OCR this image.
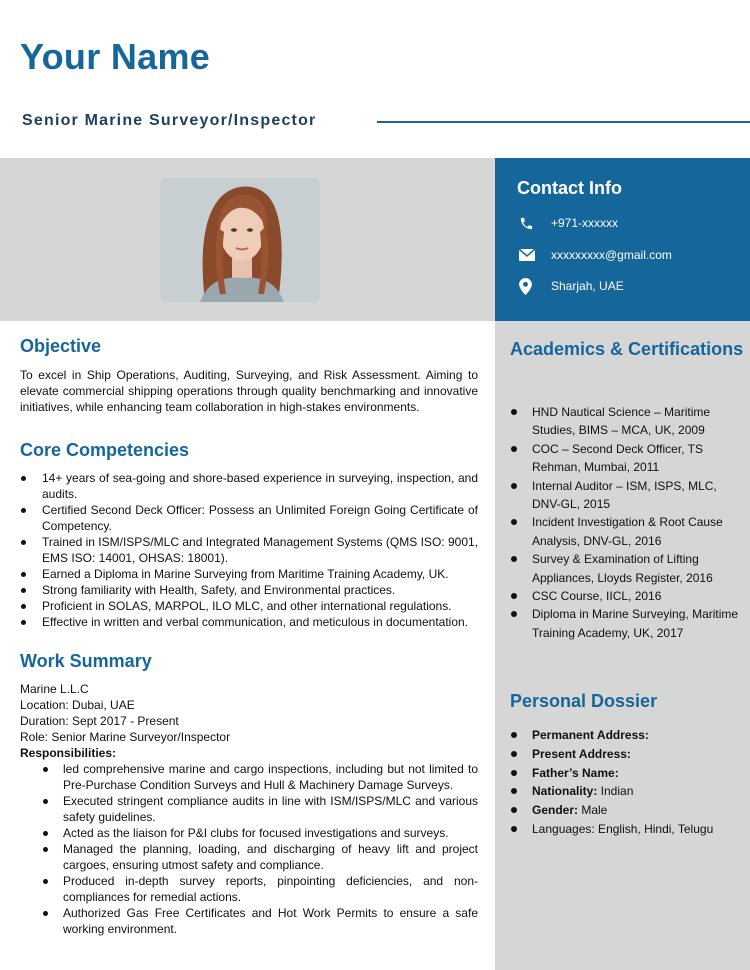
Your Name
Senior Marine Surveyor/Inspector
Contact Info
+971-xxxxxx
xxxxxxxxx@gmail.com
Sharjah, UAE
Academics & Certifications
HND Nautical Science – Maritime Studies, BIMS – MCA, UK, 2009
COC – Second Deck Officer, TS Rehman, Mumbai, 2011
Internal Auditor – ISM, ISPS, MLC, DNV-GL, 2015
Incident Investigation & Root Cause Analysis, DNV-GL, 2016
Survey & Examination of Lifting Appliances, Lloyds Register, 2016
CSC Course, IICL, 2016
Diploma in Marine Surveying, Maritime Training Academy, UK, 2017
Personal Dossier
Permanent Address:
Present Address:
Father’s Name:
Nationality: Indian
Gender: Male
Languages: English, Hindi, Telugu
Objective

To excel in Ship Operations, Auditing, Surveying, and Risk Assessment. Aiming to elevate commercial shipping operations through quality benchmarking and innovative initiatives, while enhancing team collaboration in high-stakes environments.

Core Competencies
14+ years of sea-going and shore-based experience in surveying, inspection, and audits.
Certified Second Deck Officer: Possess an Unlimited Foreign Going Certificate of Competency.
Trained in ISM/ISPS/MLC and Integrated Management Systems (QMS ISO: 9001, EMS ISO: 14001, OHSAS: 18001).
Earned a Diploma in Marine Surveying from Maritime Training Academy, UK.
Strong familiarity with Health, Safety, and Environmental practices.
Proficient in SOLAS, MARPOL, ILO MLC, and other international regulations.
Effective in written and verbal communication, and meticulous in documentation.
Work Summary
Marine L.L.C
Location: Dubai, UAE
Duration: Sept 2017 - Present
Role: Senior Marine Surveyor/Inspector
Responsibilities:
led comprehensive marine and cargo inspections, including but not limited to Pre-Purchase Condition Surveys and Hull & Machinery Damage Surveys.
Executed stringent compliance audits in line with ISM/ISPS/MLC and various safety guidelines.
Acted as the liaison for P&I clubs for focused investigations and surveys.
Managed the planning, loading, and discharging of heavy lift and project cargoes, ensuring utmost safety and compliance.
Produced in-depth survey reports, pinpointing deficiencies, and non-compliances for remedial actions.
Authorized Gas Free Certificates and Hot Work Permits to ensure a safe working environment.
